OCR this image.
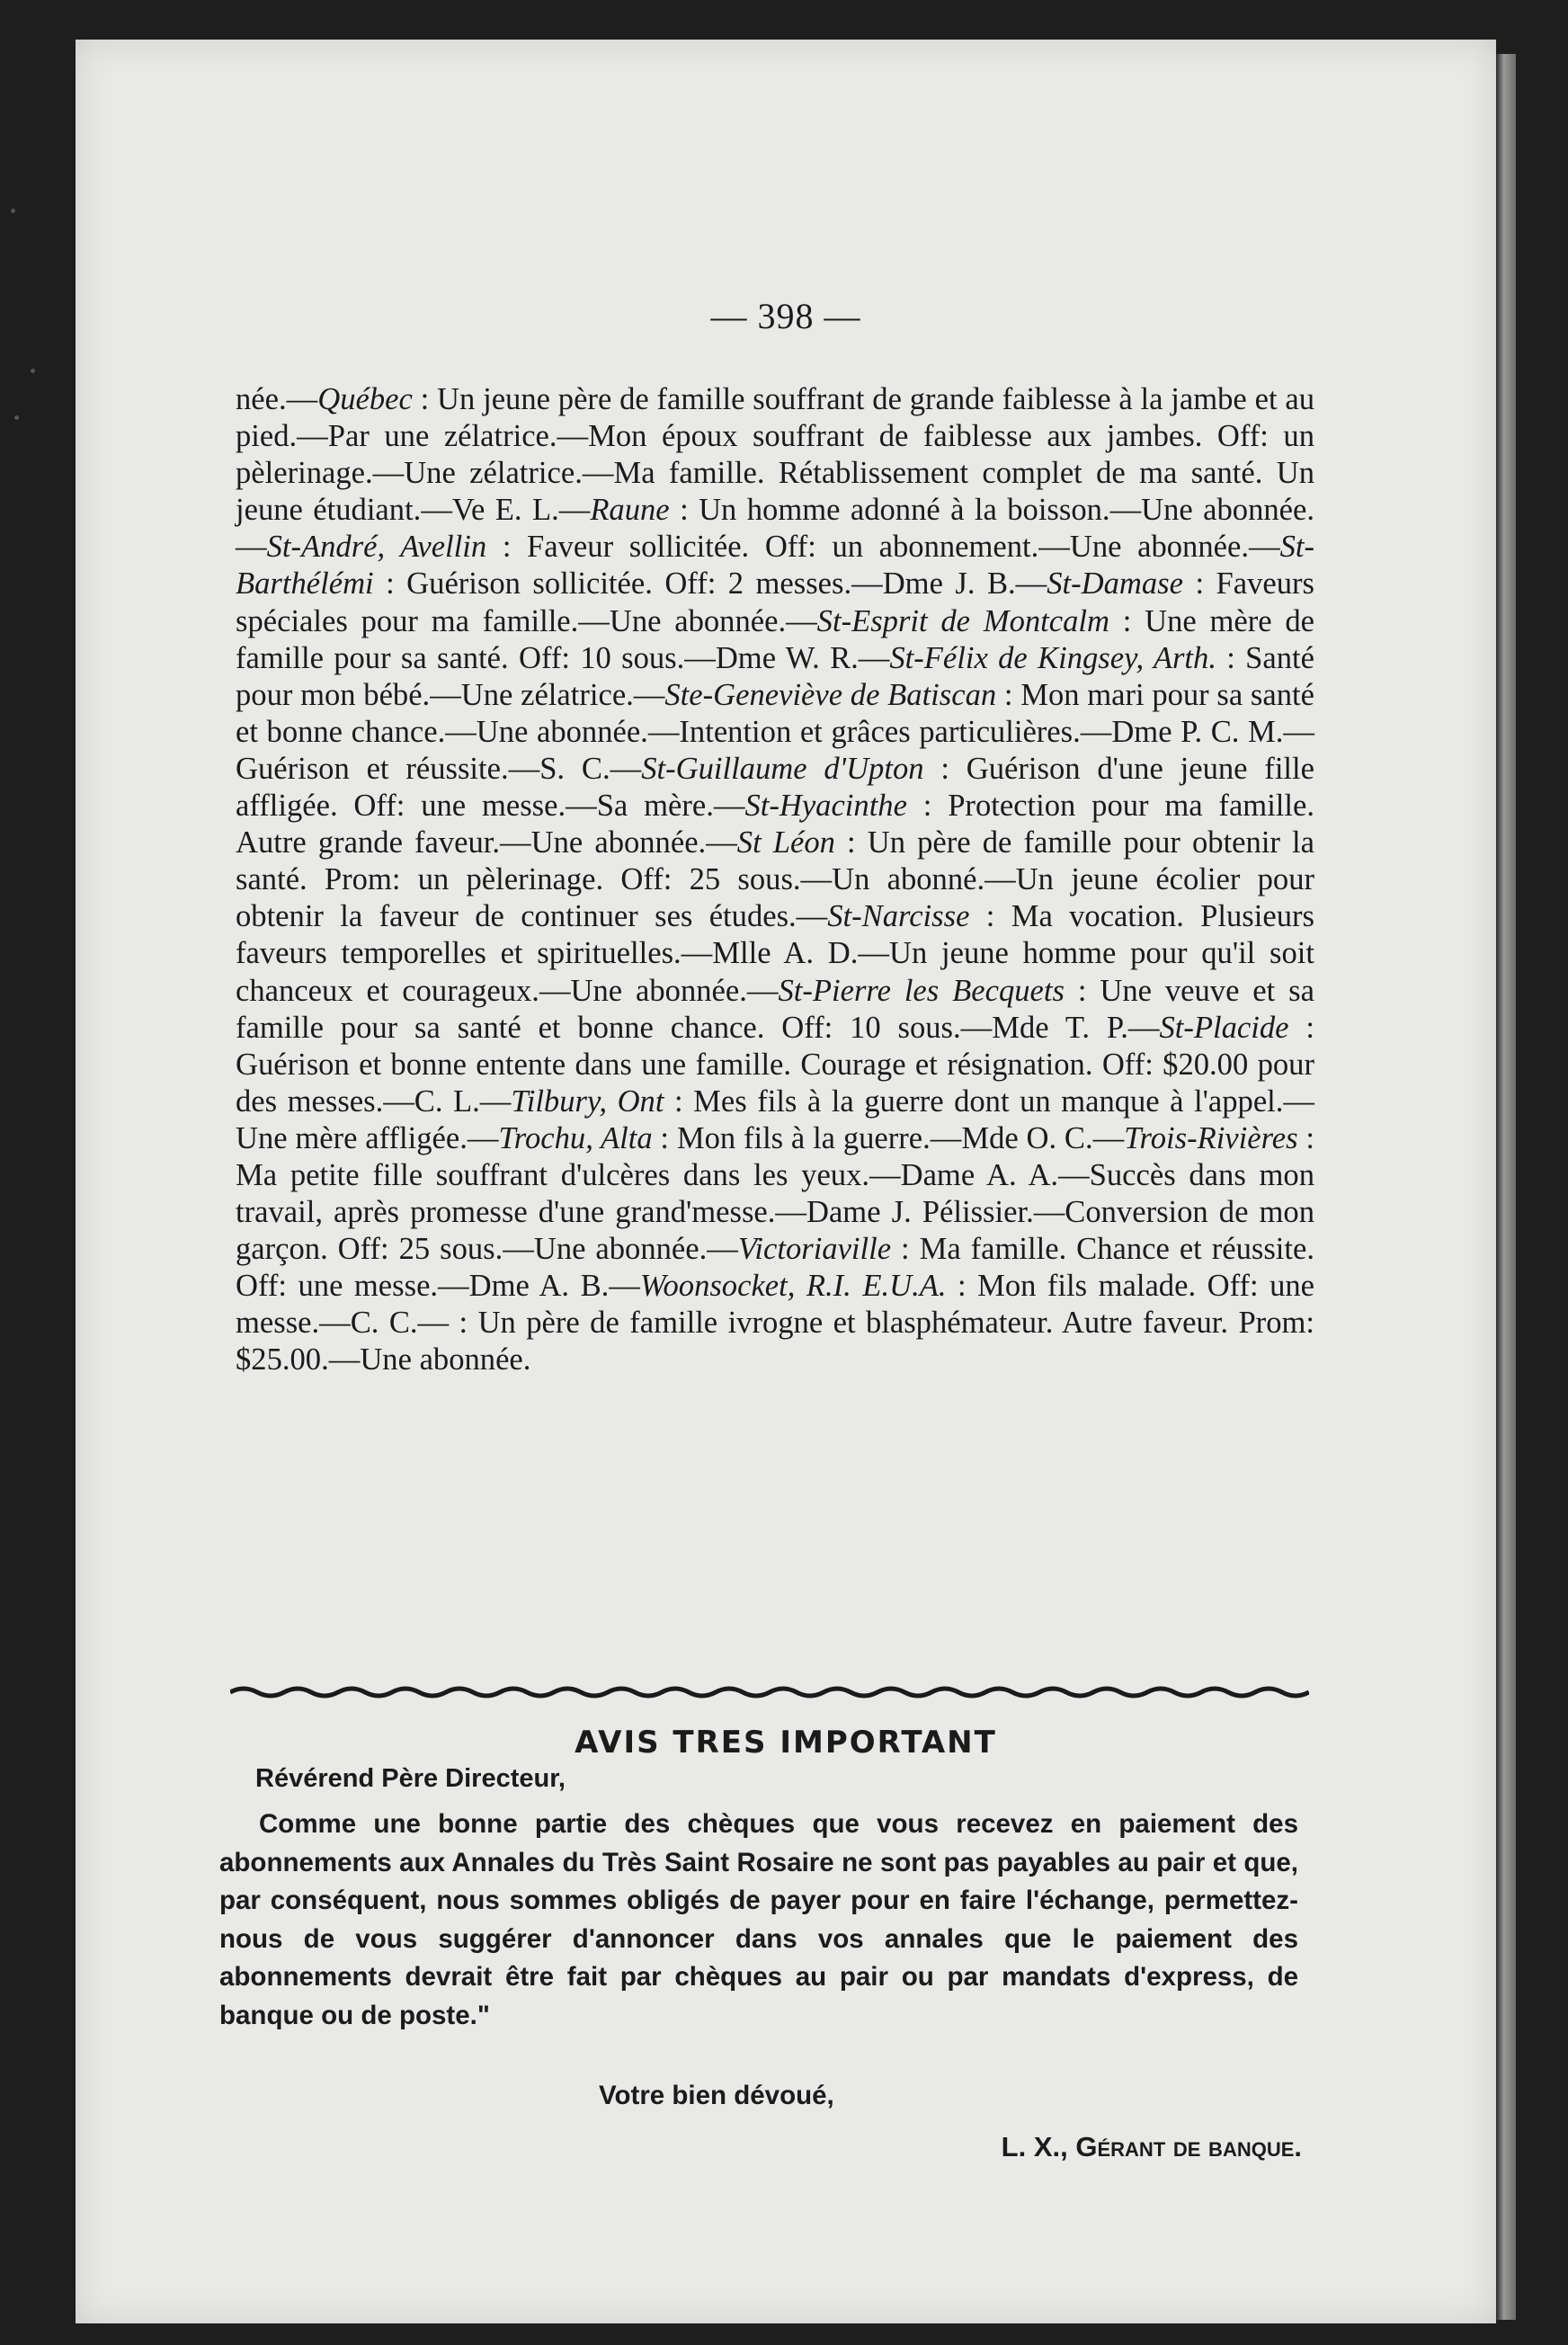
— 398 —

née.—Québec : Un jeune père de famille souffrant de grande faiblesse à la jambe et au pied.—Par une zélatrice.—Mon époux souffrant de faiblesse aux jambes. Off: un pèlerinage.—Une zélatrice.—Ma famille. Rétablissement complet de ma santé. Un jeune étudiant.—Ve E. L.—Raune : Un homme adonné à la boisson.—Une abonnée.—St-André, Avellin : Faveur sollicitée. Off: un abonnement.—Une abonnée.—St-Barthélémi : Guérison sollicitée. Off: 2 messes.—Dme J. B.—St-Damase : Faveurs spéciales pour ma famille.—Une abonnée.—St-Esprit de Montcalm : Une mère de famille pour sa santé. Off: 10 sous.—Dme W. R.—St-Félix de Kingsey, Arth. : Santé pour mon bébé.—Une zélatrice.—Ste-Geneviève de Batiscan : Mon mari pour sa santé et bonne chance.—Une abonnée.—Intention et grâces particulières.—Dme P. C. M.—Guérison et réussite.—S. C.—St-Guillaume d'Upton : Guérison d'une jeune fille affligée. Off: une messe.—Sa mère.—St-Hyacinthe : Protection pour ma famille. Autre grande faveur.—Une abonnée.—St Léon : Un père de famille pour obtenir la santé. Prom: un pèlerinage. Off: 25 sous.—Un abonné.—Un jeune écolier pour obtenir la faveur de continuer ses études.—St-Narcisse : Ma vocation. Plusieurs faveurs temporelles et spirituelles.—Mlle A. D.—Un jeune homme pour qu'il soit chanceux et courageux.—Une abonnée.—St-Pierre les Becquets : Une veuve et sa famille pour sa santé et bonne chance. Off: 10 sous.—Mde T. P.—St-Placide : Guérison et bonne entente dans une famille. Courage et résignation. Off: $20.00 pour des messes.—C. L.—Tilbury, Ont : Mes fils à la guerre dont un manque à l'appel.—Une mère affligée.—Trochu, Alta : Mon fils à la guerre.—Mde O. C.—Trois-Rivières : Ma petite fille souffrant d'ulcères dans les yeux.—Dame A. A.—Succès dans mon travail, après promesse d'une grand'messe.—Dame J. Pélissier.—Conversion de mon garçon. Off: 25 sous.—Une abonnée.—Victoriaville : Ma famille. Chance et réussite. Off: une messe.—Dme A. B.—Woonsocket, R.I. E.U.A. : Mon fils malade. Off: une messe.—C. C.— : Un père de famille ivrogne et blasphémateur. Autre faveur. Prom: $25.00.—Une abonnée.

AVIS TRES IMPORTANT
Révérend Père Directeur,

Comme une bonne partie des chèques que vous recevez en paiement des abonnements aux Annales du Très Saint Rosaire ne sont pas payables au pair et que, par conséquent, nous sommes obligés de payer pour en faire l'échange, permettez-nous de vous suggérer d'annoncer dans vos annales que le paiement des abonnements devrait être fait par chèques au pair ou par mandats d'express, de banque ou de poste."

Votre bien dévoué,
L. X., Gérant de banque.
